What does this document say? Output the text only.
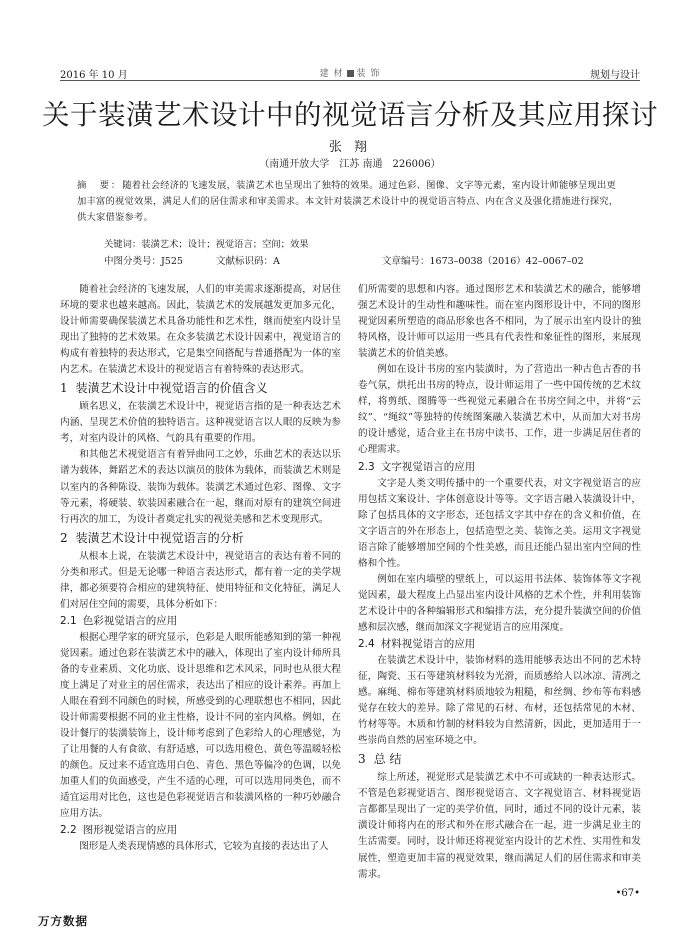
2016 年 10 月	建 材 装 饰	规划与设计
关于装潢艺术设计中的视觉语言分析及其应用探讨
张 翔
（南通开放大学　江苏 南通　226006）
摘　要：随着社会经济的飞速发展，装潢艺术也呈现出了独特的效果。通过色彩、图像、文字等元素，室内设计师能够呈现出更加丰富的视觉效果，满足人们的居住需求和审美需求。本文针对装潢艺术设计中的视觉语言特点、内在含义及强化措施进行探究，供大家借鉴参考。
关键词：装潢艺术；设计；视觉语言；空间；效果
中图分类号：J525	文献标识码：A	文章编号：1673–0038（2016）42–0067–02

随着社会经济的飞速发展，人们的审美需求逐渐提高，对居住环境的要求也越来越高。因此，装潢艺术的发展越发更加多元化，设计师需要确保装潢艺术具备功能性和艺术性，继而使室内设计呈现出了独特的艺术效果。在众多装潢艺术设计因素中，视觉语言的构成有着独特的表达形式，它是集空间搭配与普通搭配为一体的室内艺术。在装潢艺术设计的视觉语言有着特殊的表达形式。

1 装潢艺术设计中视觉语言的价值含义

顾名思义，在装潢艺术设计中，视觉语言指的是一种表达艺术内涵、呈现艺术价值的独特语言。这种视觉语言以人眼的反映为参考，对室内设计的风格、气韵具有重要的作用。

和其他艺术视觉语言有着异曲同工之妙，乐曲艺术的表达以乐谱为载体，舞蹈艺术的表达以演员的肢体为载体，而装潢艺术则是以室内的各种陈设、装饰为载体。装潢艺术通过色彩、图像、文字等元素，将硬装、软装因素融合在一起，继而对原有的建筑空间进行再次的加工，为设计者奠定扎实的视觉美感和艺术变现形式。

2 装潢艺术设计中视觉语言的分析

从根本上说，在装潢艺术设计中，视觉语言的表达有着不同的分类和形式。但是无论哪一种语言表达形式，都有着一定的美学规律，都必须要符合相应的建筑特征、使用特征和文化特征，满足人们对居住空间的需要，具体分析如下：

2.1 色彩视觉语言的应用

根据心理学家的研究显示，色彩是人眼所能感知到的第一种视觉因素。通过色彩在装潢艺术中的融入，体现出了室内设计师所具备的专业素质、文化功底、设计思维和艺术风采，同时也从很大程度上满足了对业主的居住需求，表达出了相应的设计素养。再加上人眼在看到不同颜色的时候，所感受到的心理联想也不相同，因此设计师需要根据不同的业主性格，设计不同的室内风格。例如，在设计餐厅的装潢装饰上，设计师考虑到了色彩给人的心理感觉，为了让用餐的人有食欲、有舒适感，可以选用橙色、黄色等温暖轻松的颜色。反过来不适宜选用白色、青色、黑色等偏冷的色调，以免加重人们的负面感受，产生不适的心理，可可以选用同类色，而不适宜运用对比色，这也是色彩视觉语言和装潢风格的一种巧妙融合应用方法。

2.2 图形视觉语言的应用

图形是人类表现情感的具体形式，它较为直接的表达出了人

们所需要的思想和内容。通过图形艺术和装潢艺术的融合，能够增强艺术设计的生动性和趣味性。而在室内图形设计中，不同的图形视觉因素所塑造的商品形象也各不相同，为了展示出室内设计的独特风格，设计师可以运用一些具有代表性和象征性的图形，来展现装潢艺术的价值美感。

例如在设计书房的室内装潢时，为了营造出一种古色古香的书卷气氛，烘托出书房的特点，设计师运用了一些中国传统的艺术纹样，将剪纸、图腾等一些视觉元素融合在书房空间之中，并将“云纹”、“绳纹”等独特的传统图案融入装潢艺术中，从而加大对书房的设计感觉，适合业主在书房中读书、工作，进一步满足居住者的心理需求。

2.3 文字视觉语言的应用

文字是人类文明传播中的一个重要代表，对文字视觉语言的应用包括文案设计、字体创意设计等等。文字语言融入装潢设计中，除了包括具体的文字形态，还包括文字其中存在的含义和价值，在文字语言的外在形态上，包括造型之美、装饰之美。运用文字视觉语言除了能够增加空间的个性美感，而且还能凸显出室内空间的性格和个性。

例如在室内墙壁的壁纸上，可以运用书法体、装饰体等文字视觉因素，最大程度上凸显出室内设计风格的艺术个性，并利用装饰艺术设计中的各种编辑形式和编排方法，充分提升装潢空间的价值感和层次感，继而加深文字视觉语言的应用深度。

2.4 材料视觉语言的应用

在装潢艺术设计中，装饰材料的选用能够表达出不同的艺术特征，陶瓷、玉石等建筑材料较为光滑，而质感给人以冰凉、清冽之感。麻绳、棉布等建筑材料质地较为粗糙，和丝绸、纱布等布料感觉存在较大的差异。除了常见的石材、布材，还包括常见的木材、竹材等等。木质和竹制的材料较为自然清新，因此，更加适用于一些崇尚自然的居室环境之中。

3 总 结

综上所述，视觉形式是装潢艺术中不可或缺的一种表达形式。不管是色彩视觉语言、图形视觉语言、文字视觉语言、材料视觉语言都都呈现出了一定的美学价值，同时，通过不同的设计元素，装潢设计师将内在的形式和外在形式融合在一起，进一步满足业主的生活需要。同时，设计师还将视觉室内设计的艺术性、实用性和发展性，塑造更加丰富的视觉效果，继而满足人们的居住需求和审美需求。

•67•
万方数据
